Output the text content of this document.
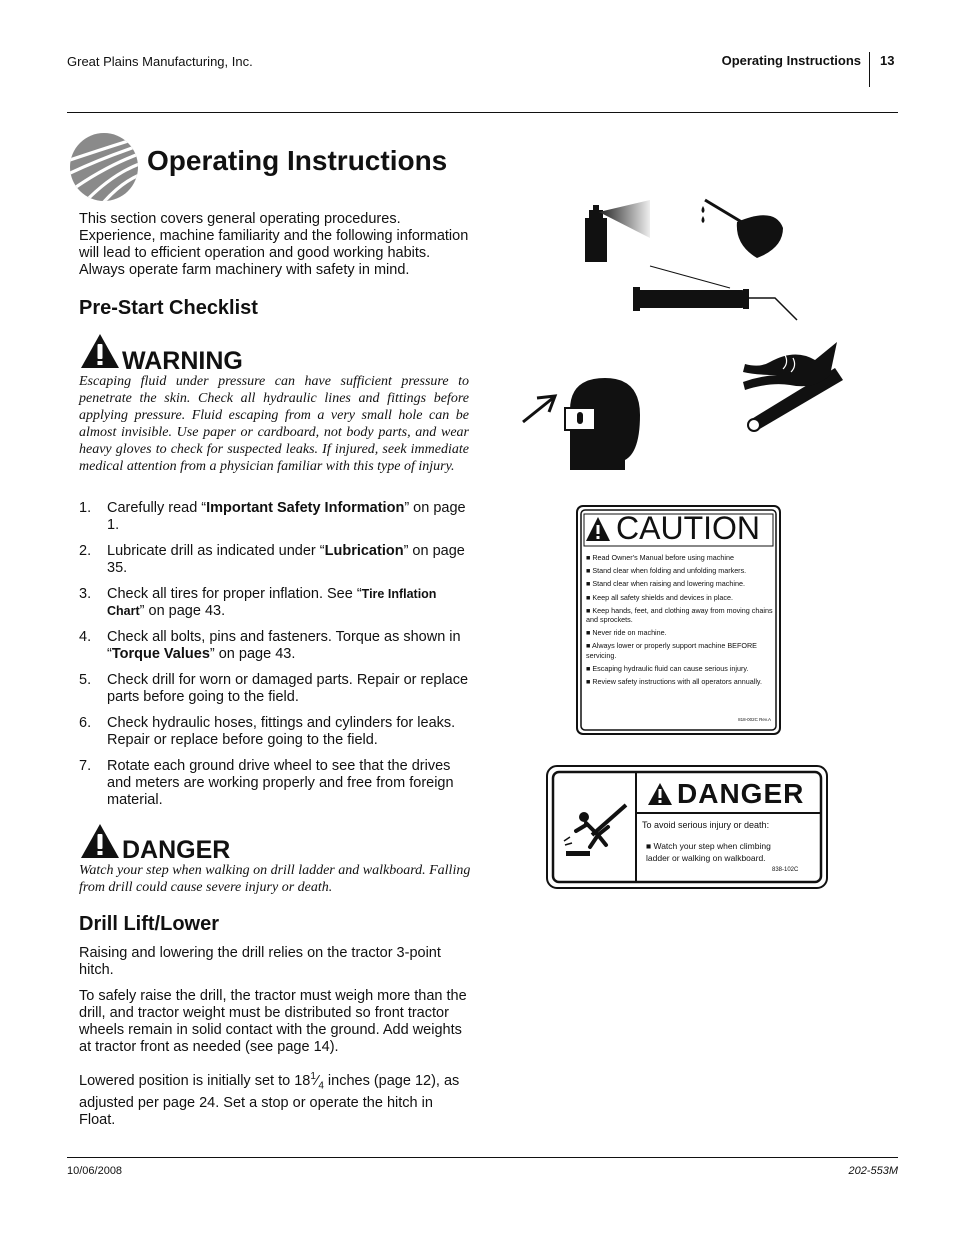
Great Plains Manufacturing, Inc.	Operating Instructions 13
Operating Instructions
This section covers general operating procedures. Experience, machine familiarity and the following information will lead to efficient operation and good working habits. Always operate farm machinery with safety in mind.
Pre-Start Checklist
WARNING
Escaping fluid under pressure can have sufficient pressure to penetrate the skin. Check all hydraulic lines and fittings before applying pressure. Fluid escaping from a very small hole can be almost invisible. Use paper or cardboard, not body parts, and wear heavy gloves to check for suspected leaks. If injured, seek immediate medical attention from a physician familiar with this type of injury.
1. Carefully read “Important Safety Information” on page 1.
2. Lubricate drill as indicated under “Lubrication” on page 35.
3. Check all tires for proper inflation. See “Tire Inflation Chart” on page 43.
4. Check all bolts, pins and fasteners. Torque as shown in “Torque Values” on page 43.
5. Check drill for worn or damaged parts. Repair or replace parts before going to the field.
6. Check hydraulic hoses, fittings and cylinders for leaks. Repair or replace before going to the field.
7. Rotate each ground drive wheel to see that the drives and meters are working properly and free from foreign material.
DANGER
Watch your step when walking on drill ladder and walkboard. Falling from drill could cause severe injury or death.
Drill Lift/Lower
Raising and lowering the drill relies on the tractor 3-point hitch.
To safely raise the drill, the tractor must weigh more than the drill, and tractor weight must be distributed so front tractor wheels remain in solid contact with the ground. Add weights at tractor front as needed (see page 14).
Lowered position is initially set to $18^1⁄_4$ inches (page 12), as adjusted per page 24. Set a stop or operate the hitch in Float.
CAUTION
■ Read Owner's Manual before using machine
■ Stand clear when folding and unfolding markers.
■ Stand clear when raising and lowering machine.
■ Keep all safety shields and devices in place.
■ Keep hands, feet, and clothing away from moving chains and sprockets.
■ Never ride on machine.
■ Always lower or properly support machine BEFORE servicing.
■ Escaping hydraulic fluid can cause serious injury.
■ Review safety instructions with all operators annually.
818-002C Rev.A
DANGER
To avoid serious injury or death:
■ Watch your step when climbing ladder or walking on walkboard.
838-102C
10/06/2008	202-553M
